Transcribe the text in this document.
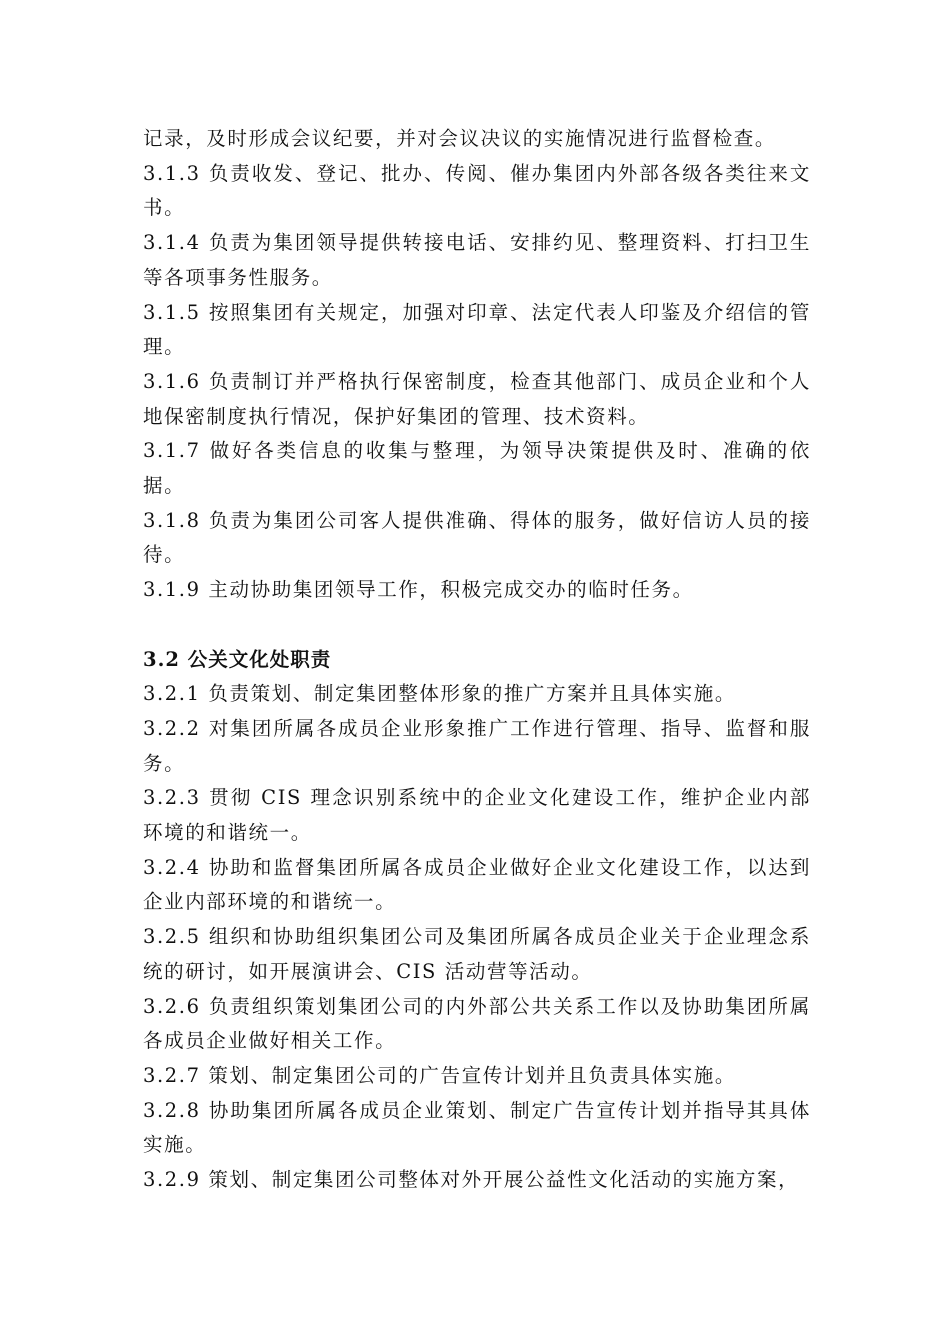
记录，及时形成会议纪要，并对会议决议的实施情况进行监督检查。

3.1.3 负责收发、登记、批办、传阅、催办集团内外部各级各类往来文书。

3.1.4 负责为集团领导提供转接电话、安排约见、整理资料、打扫卫生等各项事务性服务。

3.1.5 按照集团有关规定，加强对印章、法定代表人印鉴及介绍信的管理。

3.1.6 负责制订并严格执行保密制度，检查其他部门、成员企业和个人地保密制度执行情况，保护好集团的管理、技术资料。

3.1.7 做好各类信息的收集与整理，为领导决策提供及时、准确的依据。

3.1.8 负责为集团公司客人提供准确、得体的服务，做好信访人员的接待。

3.1.9 主动协助集团领导工作，积极完成交办的临时任务。

3.2 公关文化处职责

3.2.1 负责策划、制定集团整体形象的推广方案并且具体实施。

3.2.2 对集团所属各成员企业形象推广工作进行管理、指导、监督和服务。

3.2.3 贯彻 CIS 理念识别系统中的企业文化建设工作，维护企业内部环境的和谐统一。

3.2.4 协助和监督集团所属各成员企业做好企业文化建设工作，以达到企业内部环境的和谐统一。

3.2.5 组织和协助组织集团公司及集团所属各成员企业关于企业理念系统的研讨，如开展演讲会、CIS 活动营等活动。

3.2.6 负责组织策划集团公司的内外部公共关系工作以及协助集团所属各成员企业做好相关工作。

3.2.7 策划、制定集团公司的广告宣传计划并且负责具体实施。

3.2.8 协助集团所属各成员企业策划、制定广告宣传计划并指导其具体实施。

3.2.9 策划、制定集团公司整体对外开展公益性文化活动的实施方案，
